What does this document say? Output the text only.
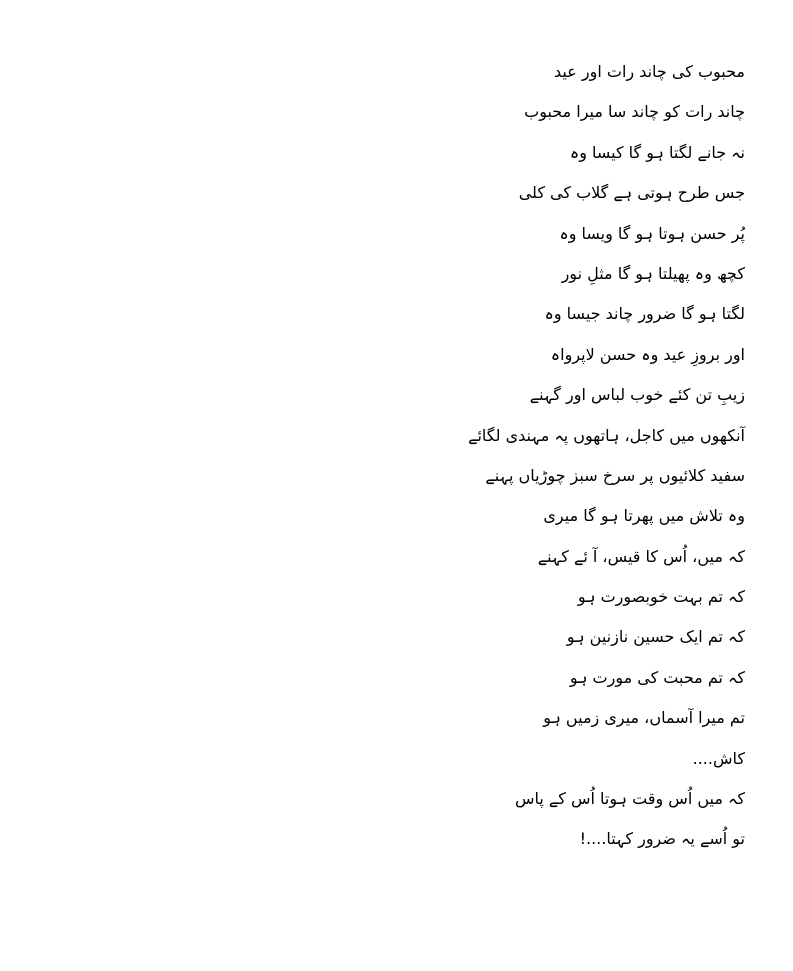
محبوب کی چاند رات اور عید
چاند رات کو چاند سا میرا محبوب
نہ جانے لگتا ہو گا کیسا وہ
جس طرح ہوتی ہے گلاب کی کلی
پُر حسن ہوتا ہو گا ویسا وہ
کچھ وہ پھیلتا ہو گا مثلِ نور
لگتا ہو گا ضرور چاند جیسا وہ
اور بروزِ عید وہ حسن لاپرواہ
زیبِ تن کئے خوب لباس اور گہنے
آنکھوں میں کاجل، ہاتھوں پہ مہندی لگائے
سفید کلائیوں پر سرخ سبز چوڑیاں پہنے
وہ تلاش میں پھرتا ہو گا میری
کہ میں، اُس کا قیس، آ ئے کہنے
کہ تم بہت خوبصورت ہو
کہ تم ایک حسین نازنین ہو
کہ تم محبت کی مورت ہو
تم میرا آسماں، میری زمیں ہو
کاش....
کہ میں اُس وقت ہوتا اُس کے پاس
تو اُسے یہ ضرور کہتا....!
